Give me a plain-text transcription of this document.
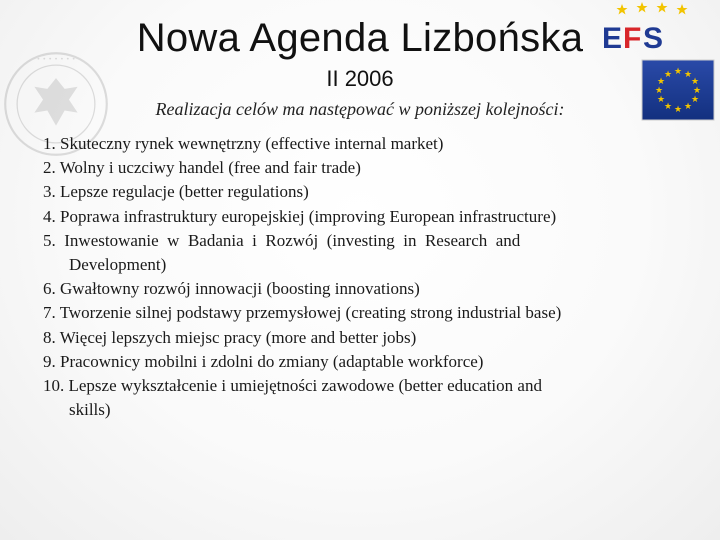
• • • • • • •
E F S
★ ★
★
★
★
★
★
★
★
★
★
★
Nowa Agenda Lizbońska
II 2006
Realizacja celów ma następować w poniższej kolejności:
1. Skuteczny rynek wewnętrzny (effective internal market)
2. Wolny i uczciwy handel (free and fair trade)
3. Lepsze regulacje (better regulations)
4. Poprawa infrastruktury europejskiej (improving European infrastructure)
5.  Inwestowanie  w  Badania  i  Rozwój  (investing  in  Research  and
Development)
6. Gwałtowny rozwój innowacji (boosting innovations)
7. Tworzenie silnej podstawy przemysłowej (creating strong industrial base)
8. Więcej lepszych miejsc pracy (more and better jobs)
9. Pracownicy mobilni i zdolni do zmiany (adaptable workforce)
10. Lepsze wykształcenie i umiejętności zawodowe (better education and
skills)
